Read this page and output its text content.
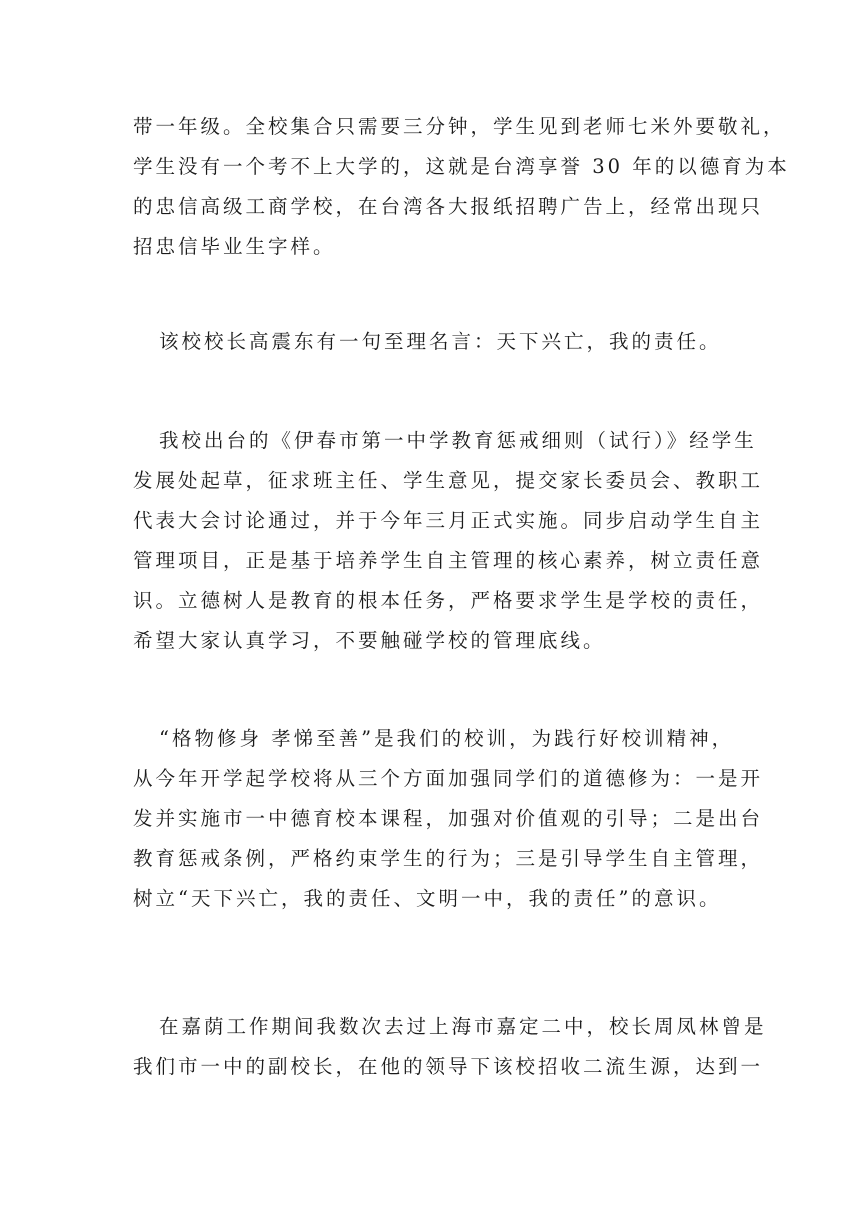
带一年级。全校集合只需要三分钟，学生见到老师七米外要敬礼，
学生没有一个考不上大学的，这就是台湾享誉 30 年的以德育为本
的忠信高级工商学校，在台湾各大报纸招聘广告上，经常出现只
招忠信毕业生字样。
该校校长高震东有一句至理名言：天下兴亡，我的责任。
我校出台的《伊春市第一中学教育惩戒细则（试行）》经学生
发展处起草，征求班主任、学生意见，提交家长委员会、教职工
代表大会讨论通过，并于今年三月正式实施。同步启动学生自主
管理项目，正是基于培养学生自主管理的核心素养，树立责任意
识。立德树人是教育的根本任务，严格要求学生是学校的责任，
希望大家认真学习，不要触碰学校的管理底线。
“格物修身 孝悌至善”是我们的校训，为践行好校训精神，
从今年开学起学校将从三个方面加强同学们的道德修为：一是开
发并实施市一中德育校本课程，加强对价值观的引导；二是出台
教育惩戒条例，严格约束学生的行为；三是引导学生自主管理，
树立“天下兴亡，我的责任、文明一中，我的责任”的意识。
在嘉荫工作期间我数次去过上海市嘉定二中，校长周凤林曾是
我们市一中的副校长，在他的领导下该校招收二流生源，达到一
